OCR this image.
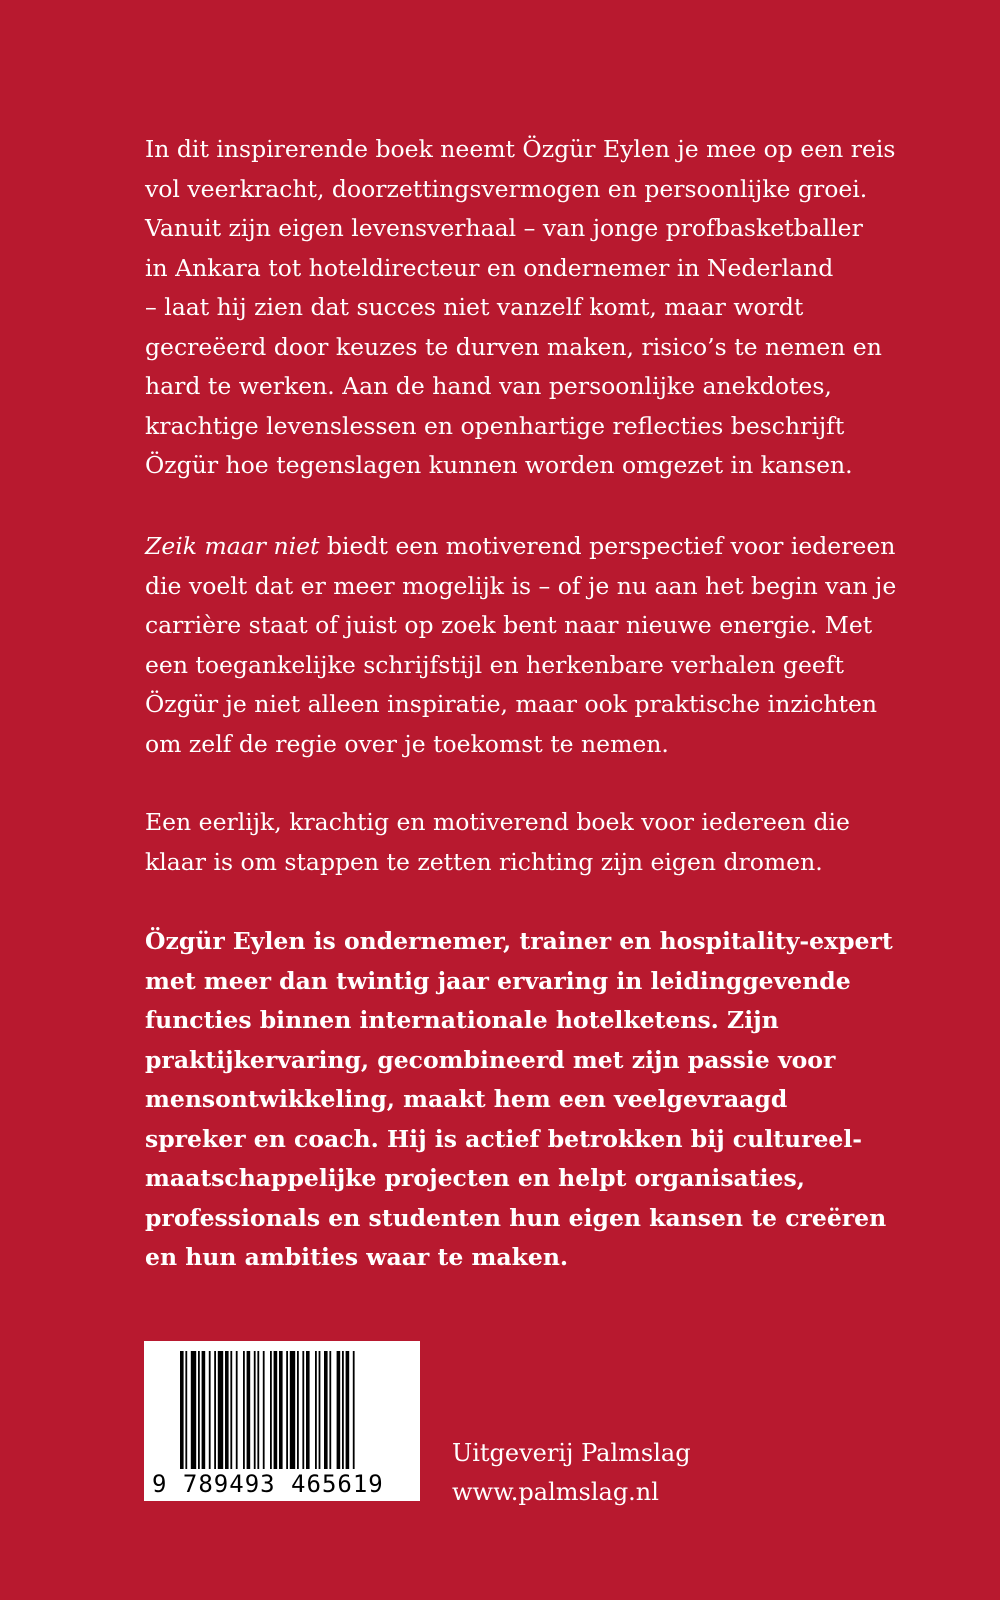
In dit inspirerende boek neemt Özgür Eylen je mee op een reis
vol veerkracht, doorzettingsvermogen en persoonlijke groei.
Vanuit zijn eigen levensverhaal – van jonge profbasketballer
in Ankara tot hoteldirecteur en ondernemer in Nederland
– laat hij zien dat succes niet vanzelf komt, maar wordt
gecreëerd door keuzes te durven maken, risico’s te nemen en
hard te werken. Aan de hand van persoonlijke anekdotes,
krachtige levenslessen en openhartige reflecties beschrijft
Özgür hoe tegenslagen kunnen worden omgezet in kansen.
Zeik maar niet biedt een motiverend perspectief voor iedereen
die voelt dat er meer mogelijk is – of je nu aan het begin van je
carrière staat of juist op zoek bent naar nieuwe energie. Met
een toegankelijke schrijfstijl en herkenbare verhalen geeft
Özgür je niet alleen inspiratie, maar ook praktische inzichten
om zelf de regie over je toekomst te nemen.
Een eerlijk, krachtig en motiverend boek voor iedereen die
klaar is om stappen te zetten richting zijn eigen dromen.
Özgür Eylen is ondernemer, trainer en hospitality-expert
met meer dan twintig jaar ervaring in leidinggevende
functies binnen internationale hotelketens. Zijn
praktijkervaring, gecombineerd met zijn passie voor
mensontwikkeling, maakt hem een veelgevraagd
spreker en coach. Hij is actief betrokken bij cultureel-
maatschappelijke projecten en helpt organisaties,
professionals en studenten hun eigen kansen te creëren
en hun ambities waar te maken.
9 789493 465619
Uitgeverij Palmslag
www.palmslag.nl
